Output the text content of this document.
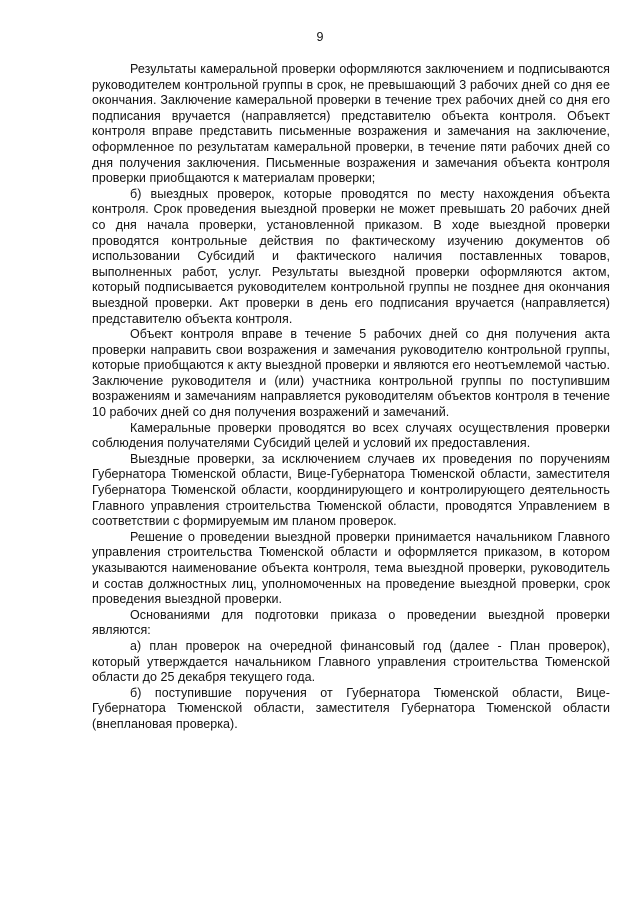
9

Результаты камеральной проверки оформляются заключением и подписываются руководителем контрольной группы в срок, не превышающий 3 рабочих дней со дня ее окончания. Заключение камеральной проверки в течение трех рабочих дней со дня его подписания вручается (направляется) представителю объекта контроля. Объект контроля вправе представить письменные возражения и замечания на заключение, оформленное по результатам камеральной проверки, в течение пяти рабочих дней со дня получения заключения. Письменные возражения и замечания объекта контроля проверки приобщаются к материалам проверки;

б) выездных проверок, которые проводятся по месту нахождения объекта контроля. Срок проведения выездной проверки не может превышать 20 рабочих дней со дня начала проверки, установленной приказом. В ходе выездной проверки проводятся контрольные действия по фактическому изучению документов об использовании Субсидий и фактического наличия поставленных товаров, выполненных работ, услуг. Результаты выездной проверки оформляются актом, который подписывается руководителем контрольной группы не позднее дня окончания выездной проверки. Акт проверки в день его подписания вручается (направляется) представителю объекта контроля.

Объект контроля вправе в течение 5 рабочих дней со дня получения акта проверки направить свои возражения и замечания руководителю контрольной группы, которые приобщаются к акту выездной проверки и являются его неотъемлемой частью. Заключение руководителя и (или) участника контрольной группы по поступившим возражениям и замечаниям направляется руководителям объектов контроля в течение 10 рабочих дней со дня получения возражений и замечаний.

Камеральные проверки проводятся во всех случаях осуществления проверки соблюдения получателями Субсидий целей и условий их предоставления.

Выездные проверки, за исключением случаев их проведения по поручениям Губернатора Тюменской области, Вице-Губернатора Тюменской области, заместителя Губернатора Тюменской области, координирующего и контролирующего деятельность Главного управления строительства Тюменской области, проводятся Управлением в соответствии с формируемым им планом проверок.

Решение о проведении выездной проверки принимается начальником Главного управления строительства Тюменской области и оформляется приказом, в котором указываются наименование объекта контроля, тема выездной проверки, руководитель и состав должностных лиц, уполномоченных на проведение выездной проверки, срок проведения выездной проверки.

Основаниями для подготовки приказа о проведении выездной проверки являются:

а) план проверок на очередной финансовый год (далее - План проверок), который утверждается начальником Главного управления строительства Тюменской области до 25 декабря текущего года.

б) поступившие поручения от Губернатора Тюменской области, Вице-Губернатора Тюменской области, заместителя Губернатора Тюменской области (внеплановая проверка).
